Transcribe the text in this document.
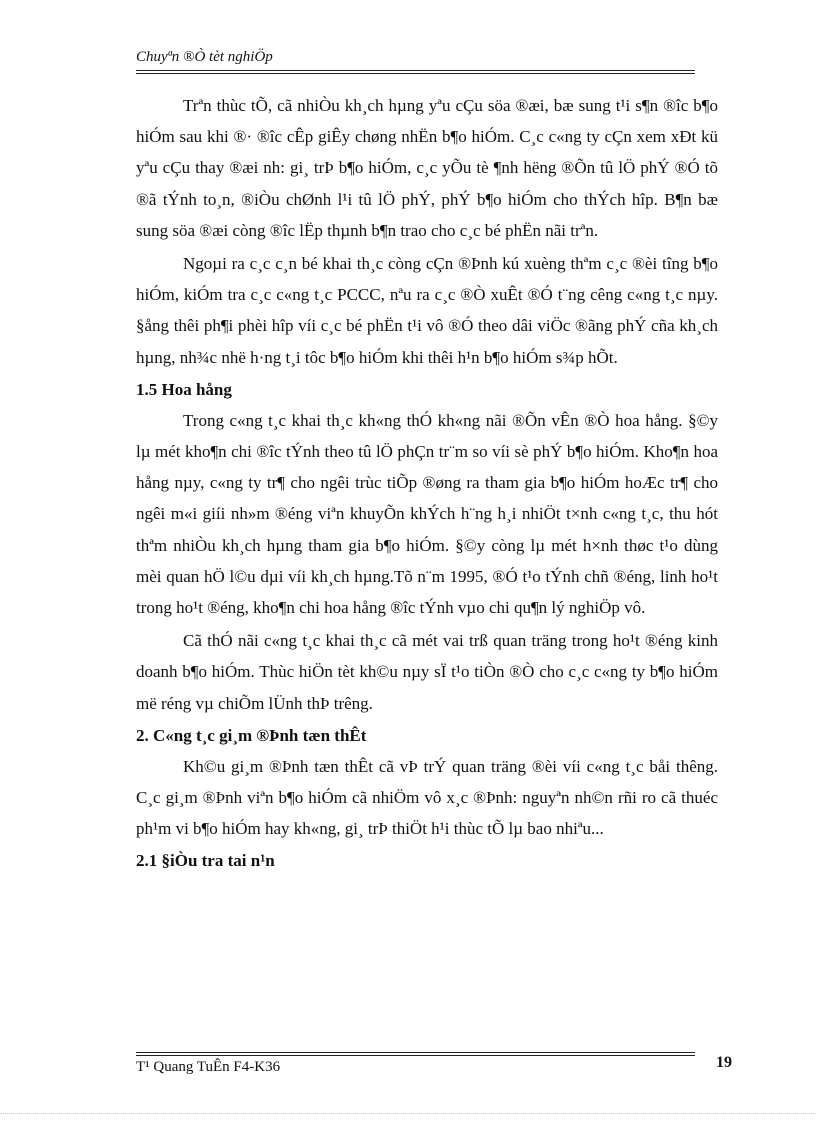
Chuyªn ®Ò tèt nghiÖp

Trªn thùc tÕ, cã nhiÒu kh¸ch hµng yªu cÇu söa ®æi, bæ sung t¹i s¶n ®îc b¶o hiÓm sau khi ®· ®îc cÊp giÊy chøng nhËn b¶o hiÓm. C¸c c«ng ty cÇn xem xÐt kü yªu cÇu thay ®æi nh: gi¸ trÞ b¶o hiÓm, c¸c yÕu tè ¶nh hëng ®Õn tû lÖ phÝ ®Ó tõ ®ã tÝnh to¸n, ®iÒu chØnh l¹i tû lÖ phÝ, phÝ b¶o hiÓm cho thÝch hîp. B¶n bæ sung söa ®æi còng ®îc lËp thµnh b¶n trao cho c¸c bé phËn nãi trªn.

Ngoµi ra c¸c c¸n bé khai th¸c còng cÇn ®Þnh kú xuèng thªm c¸c ®èi tîng b¶o hiÓm, kiÓm tra c¸c c«ng t¸c PCCC, nªu ra c¸c ®Ò xuÊt ®Ó t¨ng cêng c«ng t¸c nµy. §ång thêi ph¶i phèi hîp víi c¸c bé phËn t¹i vô ®Ó theo dâi viÖc ®ãng phÝ cña kh¸ch hµng, nh¾c nhë h·ng t¸i tôc b¶o hiÓm khi thêi h¹n b¶o hiÓm s¾p hÕt.

1.5 Hoa hång

Trong c«ng t¸c khai th¸c kh«ng thÓ kh«ng nãi ®Õn vÊn ®Ò hoa hång. §©y lµ mét kho¶n chi ®îc tÝnh theo tû lÖ phÇn tr¨m so víi sè phÝ b¶o hiÓm. Kho¶n hoa hång nµy, c«ng ty tr¶ cho ngêi trùc tiÕp ®øng ra tham gia b¶o hiÓm hoÆc tr¶ cho ngêi m«i giíi nh»m ®éng viªn khuyÕn khÝch h¨ng h¸i nhiÖt t×nh c«ng t¸c, thu hót thªm nhiÒu kh¸ch hµng tham gia b¶o hiÓm. §©y còng lµ mét h×nh thøc t¹o dùng mèi quan hÖ l©u dµi víi kh¸ch hµng.Tõ n¨m 1995, ®Ó t¹o tÝnh chñ ®éng, linh ho¹t trong ho¹t ®éng, kho¶n chi hoa hång ®îc tÝnh vµo chi qu¶n lý nghiÖp vô.

Cã thÓ nãi c«ng t¸c khai th¸c cã mét vai trß quan träng trong ho¹t ®éng kinh doanh b¶o hiÓm. Thùc hiÖn tèt kh©u nµy sÏ t¹o tiÒn ®Ò cho c¸c c«ng ty b¶o hiÓm më réng vµ chiÕm lÜnh thÞ trêng.

2. C«ng t¸c gi¸m ®Þnh tæn thÊt

Kh©u gi¸m ®Þnh tæn thÊt cã vÞ trÝ quan träng ®èi víi c«ng t¸c båi thêng. C¸c gi¸m ®Þnh viªn b¶o hiÓm cã nhiÖm vô x¸c ®Þnh: nguyªn nh©n rñi ro cã thuéc ph¹m vi b¶o hiÓm hay kh«ng, gi¸ trÞ thiÖt h¹i thùc tÕ lµ bao nhiªu...

2.1 §iÒu tra tai n¹n
T¹ Quang TuÊn F4-K36	19
